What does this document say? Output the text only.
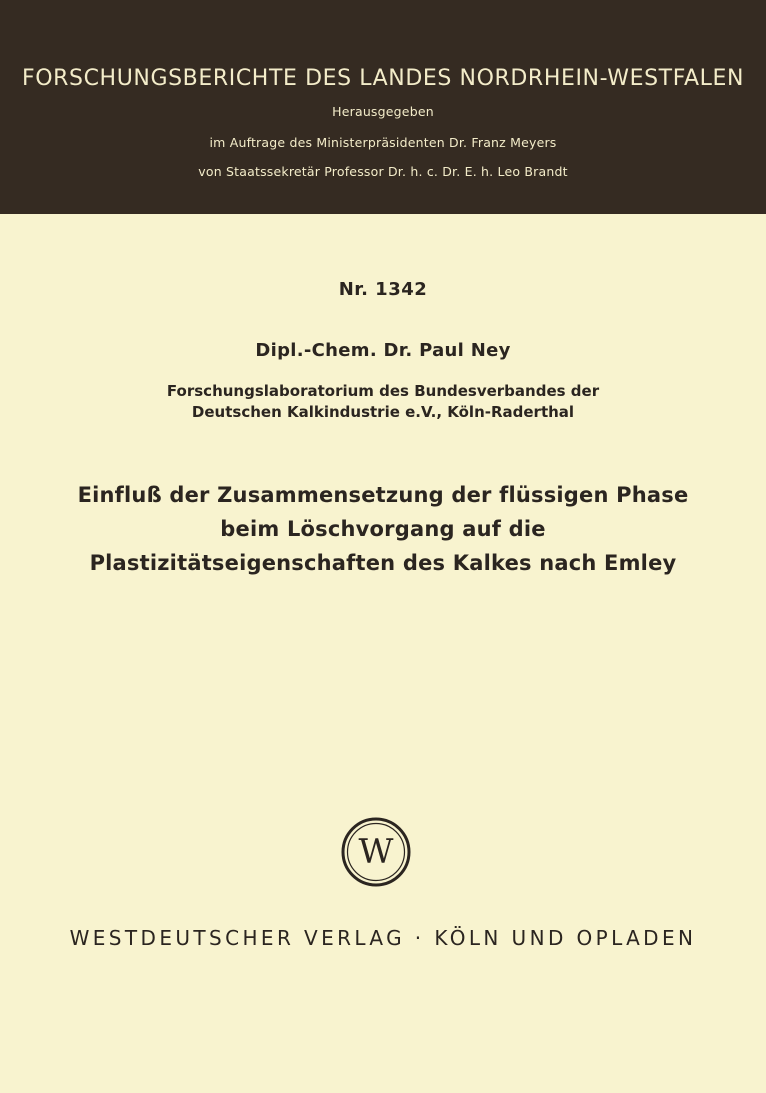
FORSCHUNGSBERICHTE DES LANDES NORDRHEIN-WESTFALEN
Herausgegeben
im Auftrage des Ministerpräsidenten Dr. Franz Meyers
von Staatssekretär Professor Dr. h. c. Dr. E. h. Leo Brandt
Nr. 1342
Dipl.-Chem. Dr. Paul Ney
Forschungslaboratorium des Bundesverbandes der
Deutschen Kalkindustrie e.V., Köln-Raderthal
Einfluß der Zusammensetzung der flüssigen Phase
beim Löschvorgang auf die
Plastizitätseigenschaften des Kalkes nach Emley
W
WESTDEUTSCHER VERLAG · KÖLN UND OPLADEN
